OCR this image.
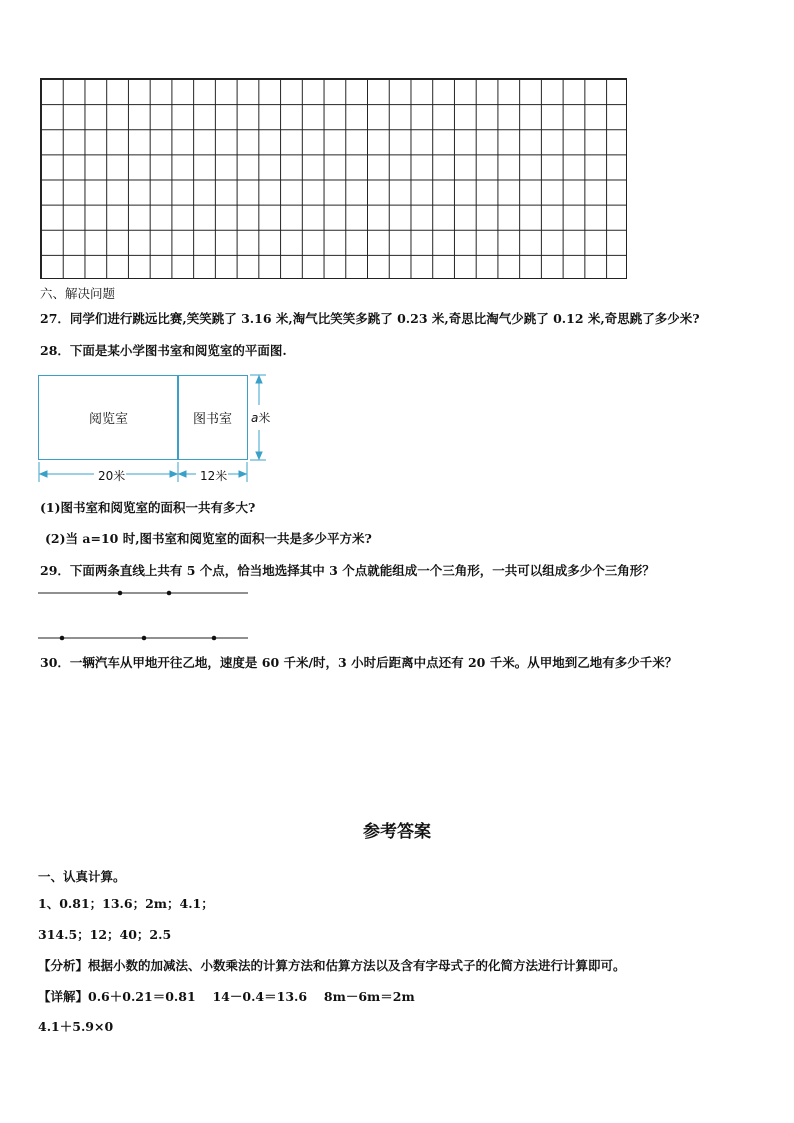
六、解决问题
27．同学们进行跳远比赛,笑笑跳了 3.16 米,淘气比笑笑多跳了 0.23 米,奇思比淘气少跳了 0.12 米,奇思跳了多少米?
28．下面是某小学图书室和阅览室的平面图.
阅览室	图书室
20米	12米
a米
(1)图书室和阅览室的面积一共有多大?
(2)当 a=10 时,图书室和阅览室的面积一共是多少平方米?
29．下面两条直线上共有 5 个点，恰当地选择其中 3 个点就能组成一个三角形，一共可以组成多少个三角形？
30．一辆汽车从甲地开往乙地，速度是 60 千米/时，3 小时后距离中点还有 20 千米。从甲地到乙地有多少千米？
参考答案
一、认真计算。
1、0.81；13.6；2m；4.1；
314.5；12；40；2.5
【分析】根据小数的加减法、小数乘法的计算方法和估算方法以及含有字母式子的化简方法进行计算即可。
【详解】0.6＋0.21＝0.81　 14－0.4＝13.6　 8m－6m＝2m
4.1＋5.9×0
